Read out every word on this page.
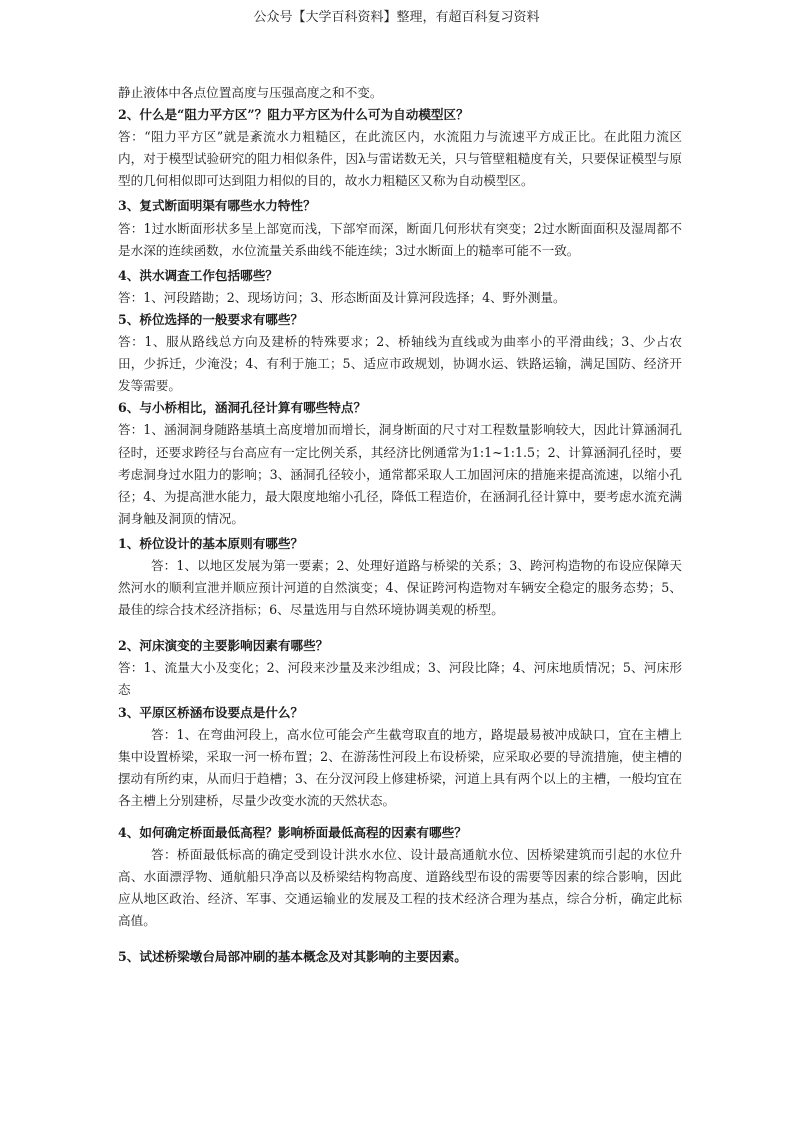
公众号【大学百科资料】整理，有超百科复习资料

静止液体中各点位置高度与压强高度之和不变。

2、什么是“阻力平方区”？阻力平方区为什么可为自动模型区？

答：“阻力平方区”就是紊流水力粗糙区，在此流区内，水流阻力与流速平方成正比。在此阻力流区内，对于模型试验研究的阻力相似条件，因λ与雷诺数无关，只与管壁粗糙度有关，只要保证模型与原型的几何相似即可达到阻力相似的目的，故水力粗糙区又称为自动模型区。

3、复式断面明渠有哪些水力特性？

答：1过水断面形状多呈上部宽而浅，下部窄而深，断面几何形状有突变；2过水断面面积及湿周都不是水深的连续函数，水位流量关系曲线不能连续；3过水断面上的糙率可能不一致。

4、洪水调查工作包括哪些？

答：1、河段踏勘；2、现场访问；3、形态断面及计算河段选择；4、野外测量。

5、桥位选择的一般要求有哪些？

答：1、服从路线总方向及建桥的特殊要求；2、桥轴线为直线或为曲率小的平滑曲线；3、少占农田，少拆迁，少淹没；4、有利于施工；5、适应市政规划，协调水运、铁路运输，满足国防、经济开发等需要。

6、与小桥相比，涵洞孔径计算有哪些特点？

答：1、涵洞洞身随路基填土高度增加而增长，洞身断面的尺寸对工程数量影响较大，因此计算涵洞孔径时，还要求跨径与台高应有一定比例关系，其经济比例通常为1:1~1:1.5；2、计算涵洞孔径时，要考虑洞身过水阻力的影响；3、涵洞孔径较小，通常都采取人工加固河床的措施来提高流速，以缩小孔径；4、为提高泄水能力，最大限度地缩小孔径，降低工程造价，在涵洞孔径计算中，要考虑水流充满洞身触及洞顶的情况。

1、桥位设计的基本原则有哪些？

答：1、以地区发展为第一要素；2、处理好道路与桥梁的关系；3、跨河构造物的布设应保障天然河水的顺利宣泄并顺应预计河道的自然演变；4、保证跨河构造物对车辆安全稳定的服务态势；5、最佳的综合技术经济指标；6、尽量选用与自然环境协调美观的桥型。

2、河床演变的主要影响因素有哪些？

答：1、流量大小及变化；2、河段来沙量及来沙组成；3、河段比降；4、河床地质情况；5、河床形态

3、平原区桥涵布设要点是什么？

答：1、在弯曲河段上，高水位可能会产生截弯取直的地方，路堤最易被冲成缺口，宜在主槽上集中设置桥梁，采取一河一桥布置；2、在游荡性河段上布设桥梁，应采取必要的导流措施，使主槽的摆动有所约束，从而归于趋槽；3、在分汊河段上修建桥梁，河道上具有两个以上的主槽，一般均宜在各主槽上分别建桥，尽量少改变水流的天然状态。

4、如何确定桥面最低高程？影响桥面最低高程的因素有哪些？

答：桥面最低标高的确定受到设计洪水水位、设计最高通航水位、因桥梁建筑而引起的水位升高、水面漂浮物、通航船只净高以及桥梁结构物高度、道路线型布设的需要等因素的综合影响，因此应从地区政治、经济、军事、交通运输业的发展及工程的技术经济合理为基点，综合分析，确定此标高值。

5、试述桥梁墩台局部冲刷的基本概念及对其影响的主要因素。
